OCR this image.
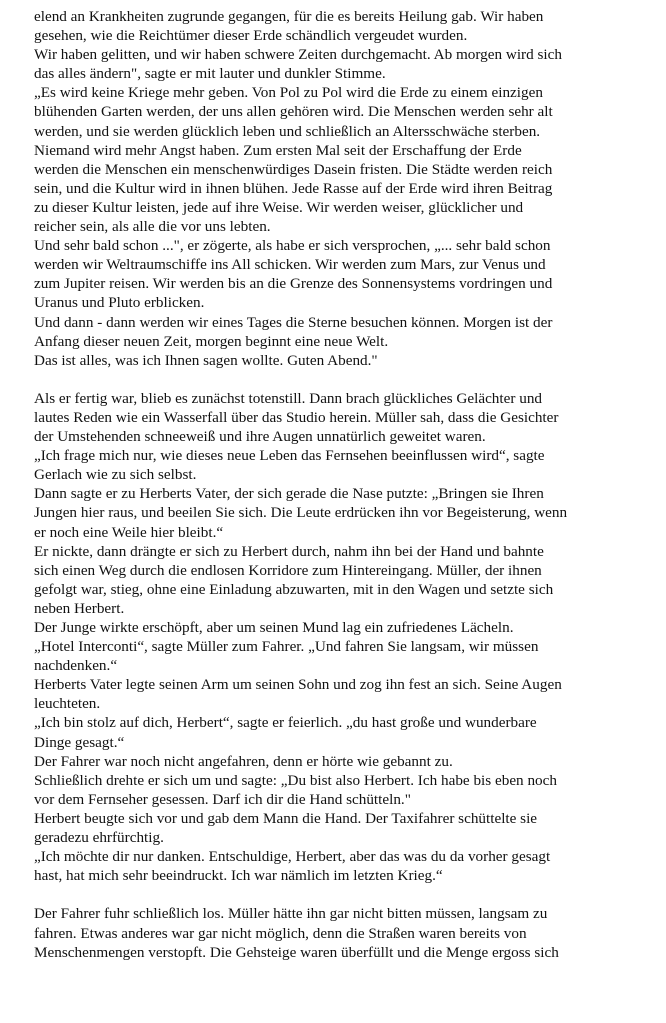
elend an Krankheiten zugrunde gegangen, für die es bereits Heilung gab. Wir haben
gesehen, wie die Reichtümer dieser Erde schändlich vergeudet wurden.
Wir haben gelitten, und wir haben schwere Zeiten durchgemacht. Ab morgen wird sich
das alles ändern", sagte er mit lauter und dunkler Stimme.
„Es wird keine Kriege mehr geben. Von Pol zu Pol wird die Erde zu einem einzigen
blühenden Garten werden, der uns allen gehören wird. Die Menschen werden sehr alt
werden, und sie werden glücklich leben und schließlich an Altersschwäche sterben.
Niemand wird mehr Angst haben. Zum ersten Mal seit der Erschaffung der Erde
werden die Menschen ein menschenwürdiges Dasein fristen. Die Städte werden reich
sein, und die Kultur wird in ihnen blühen. Jede Rasse auf der Erde wird ihren Beitrag
zu dieser Kultur leisten, jede auf ihre Weise. Wir werden weiser, glücklicher und
reicher sein, als alle die vor uns lebten.
Und sehr bald schon ...", er zögerte, als habe er sich versprochen, „... sehr bald schon
werden wir Weltraumschiffe ins All schicken. Wir werden zum Mars, zur Venus und
zum Jupiter reisen. Wir werden bis an die Grenze des Sonnensystems vordringen und
Uranus und Pluto erblicken.
Und dann - dann werden wir eines Tages die Sterne besuchen können. Morgen ist der
Anfang dieser neuen Zeit, morgen beginnt eine neue Welt.
Das ist alles, was ich Ihnen sagen wollte. Guten Abend."
Als er fertig war, blieb es zunächst totenstill. Dann brach glückliches Gelächter und
lautes Reden wie ein Wasserfall über das Studio herein. Müller sah, dass die Gesichter
der Umstehenden schneeweiß und ihre Augen unnatürlich geweitet waren.
„Ich frage mich nur, wie dieses neue Leben das Fernsehen beeinflussen wird“, sagte
Gerlach wie zu sich selbst.
Dann sagte er zu Herberts Vater, der sich gerade die Nase putzte: „Bringen sie Ihren
Jungen hier raus, und beeilen Sie sich. Die Leute erdrücken ihn vor Begeisterung, wenn
er noch eine Weile hier bleibt.“
Er nickte, dann drängte er sich zu Herbert durch, nahm ihn bei der Hand und bahnte
sich einen Weg durch die endlosen Korridore zum Hintereingang. Müller, der ihnen
gefolgt war, stieg, ohne eine Einladung abzuwarten, mit in den Wagen und setzte sich
neben Herbert.
Der Junge wirkte erschöpft, aber um seinen Mund lag ein zufriedenes Lächeln.
„Hotel Interconti“, sagte Müller zum Fahrer. „Und fahren Sie langsam, wir müssen
nachdenken.“
Herberts Vater legte seinen Arm um seinen Sohn und zog ihn fest an sich. Seine Augen
leuchteten.
„Ich bin stolz auf dich, Herbert“, sagte er feierlich. „du hast große und wunderbare
Dinge gesagt.“
Der Fahrer war noch nicht angefahren, denn er hörte wie gebannt zu.
Schließlich drehte er sich um und sagte: „Du bist also Herbert. Ich habe bis eben noch
vor dem Fernseher gesessen. Darf ich dir die Hand schütteln."
Herbert beugte sich vor und gab dem Mann die Hand. Der Taxifahrer schüttelte sie
geradezu ehrfürchtig.
„Ich möchte dir nur danken. Entschuldige, Herbert, aber das was du da vorher gesagt
hast, hat mich sehr beeindruckt. Ich war nämlich im letzten Krieg.“
Der Fahrer fuhr schließlich los. Müller hätte ihn gar nicht bitten müssen, langsam zu
fahren. Etwas anderes war gar nicht möglich, denn die Straßen waren bereits von
Menschenmengen verstopft. Die Gehsteige waren überfüllt und die Menge ergoss sich
